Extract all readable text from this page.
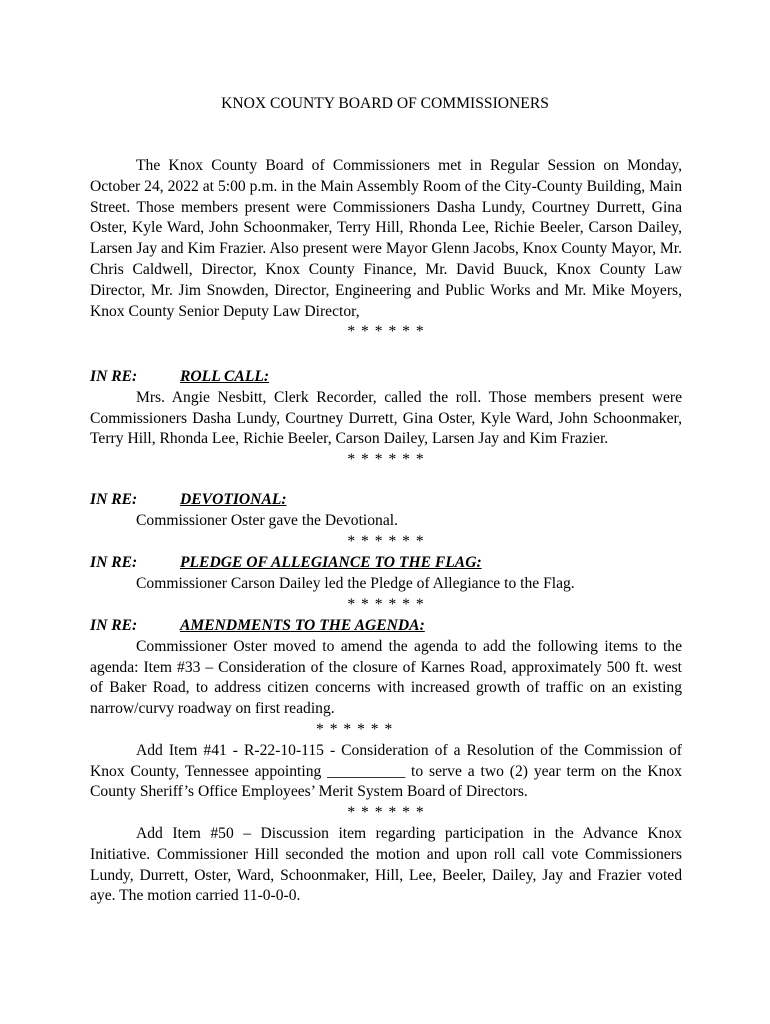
KNOX COUNTY BOARD OF COMMISSIONERS

The Knox County Board of Commissioners met in Regular Session on Monday, October 24, 2022 at 5:00 p.m. in the Main Assembly Room of the City-County Building, Main Street. Those members present were Commissioners Dasha Lundy, Courtney Durrett, Gina Oster, Kyle Ward, John Schoonmaker, Terry Hill, Rhonda Lee, Richie Beeler, Carson Dailey, Larsen Jay and Kim Frazier. Also present were Mayor Glenn Jacobs, Knox County Mayor, Mr. Chris Caldwell, Director, Knox County Finance, Mr. David Buuck, Knox County Law Director, Mr. Jim Snowden, Director, Engineering and Public Works and Mr. Mike Moyers, Knox County Senior Deputy Law Director,

* * * * * *

IN RE:	ROLL CALL:

Mrs. Angie Nesbitt, Clerk Recorder, called the roll. Those members present were Commissioners Dasha Lundy, Courtney Durrett, Gina Oster, Kyle Ward, John Schoonmaker, Terry Hill, Rhonda Lee, Richie Beeler, Carson Dailey, Larsen Jay and Kim Frazier.

* * * * * *

IN RE:	DEVOTIONAL:

Commissioner Oster gave the Devotional.

* * * * * *

IN RE:	PLEDGE OF ALLEGIANCE TO THE FLAG:

Commissioner Carson Dailey led the Pledge of Allegiance to the Flag.

* * * * * *

IN RE:	AMENDMENTS TO THE AGENDA:

Commissioner Oster moved to amend the agenda to add the following items to the agenda: Item #33 – Consideration of the closure of Karnes Road, approximately 500 ft. west of Baker Road, to address citizen concerns with increased growth of traffic on an existing narrow/curvy roadway on first reading.

* * * * * *

Add Item #41 - R-22-10-115 - Consideration of a Resolution of the Commission of Knox County, Tennessee appointing __________ to serve a two (2) year term on the Knox County Sheriff’s Office Employees’ Merit System Board of Directors.

* * * * * *

Add Item #50 – Discussion item regarding participation in the Advance Knox Initiative. Commissioner Hill seconded the motion and upon roll call vote Commissioners Lundy, Durrett, Oster, Ward, Schoonmaker, Hill, Lee, Beeler, Dailey, Jay and Frazier voted aye. The motion carried 11-0-0-0.
